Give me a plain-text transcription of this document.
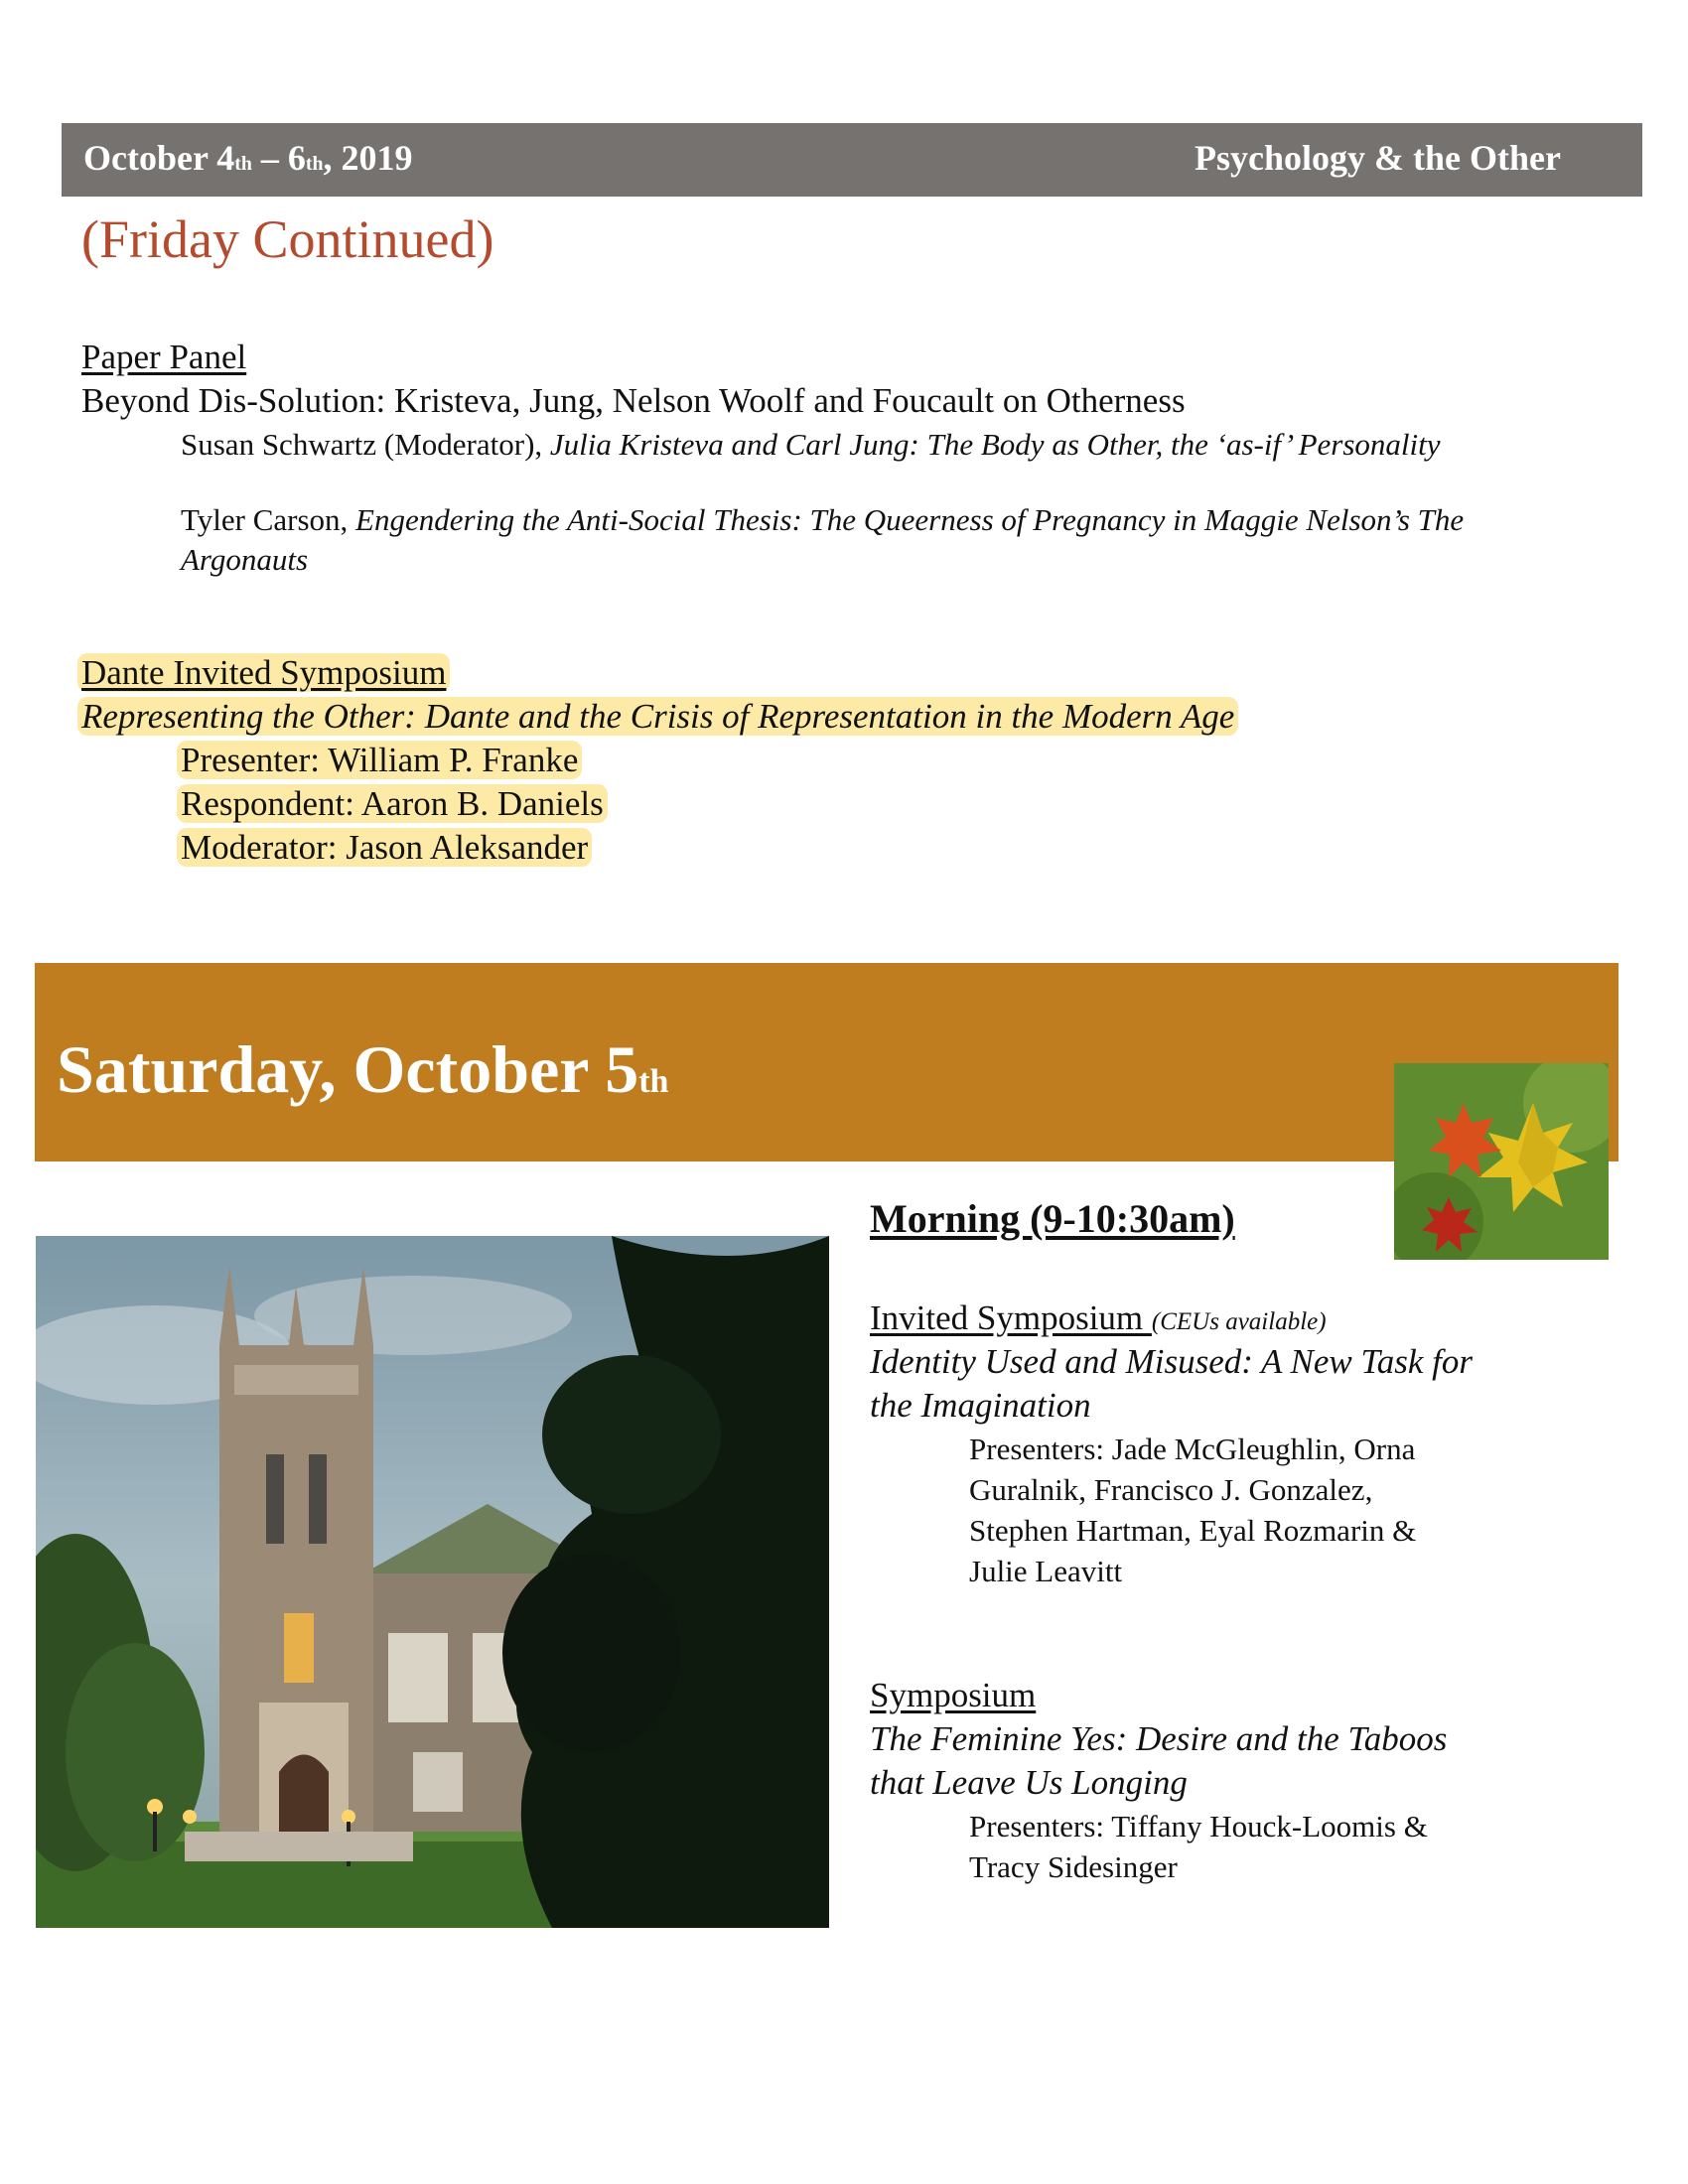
October 4th – 6th, 2019	Psychology & the Other
(Friday Continued)
Paper Panel
Beyond Dis-Solution: Kristeva, Jung, Nelson Woolf and Foucault on Otherness
Susan Schwartz (Moderator), Julia Kristeva and Carl Jung: The Body as Other, the ‘as-if’ Personality
Tyler Carson, Engendering the Anti-Social Thesis: The Queerness of Pregnancy in Maggie Nelson’s The
Argonauts
Dante Invited Symposium
Representing the Other: Dante and the Crisis of Representation in the Modern Age
Presenter: William P. Franke
Respondent: Aaron B. Daniels
Moderator: Jason Aleksander
Saturday, October 5th
Morning (9-10:30am)
Invited Symposium (CEUs available)
Identity Used and Misused: A New Task for
the Imagination
Presenters: Jade McGleughlin, Orna
Guralnik, Francisco J. Gonzalez,
Stephen Hartman, Eyal Rozmarin &
Julie Leavitt
Symposium
The Feminine Yes: Desire and the Taboos
that Leave Us Longing
Presenters: Tiffany Houck-Loomis &
Tracy Sidesinger
